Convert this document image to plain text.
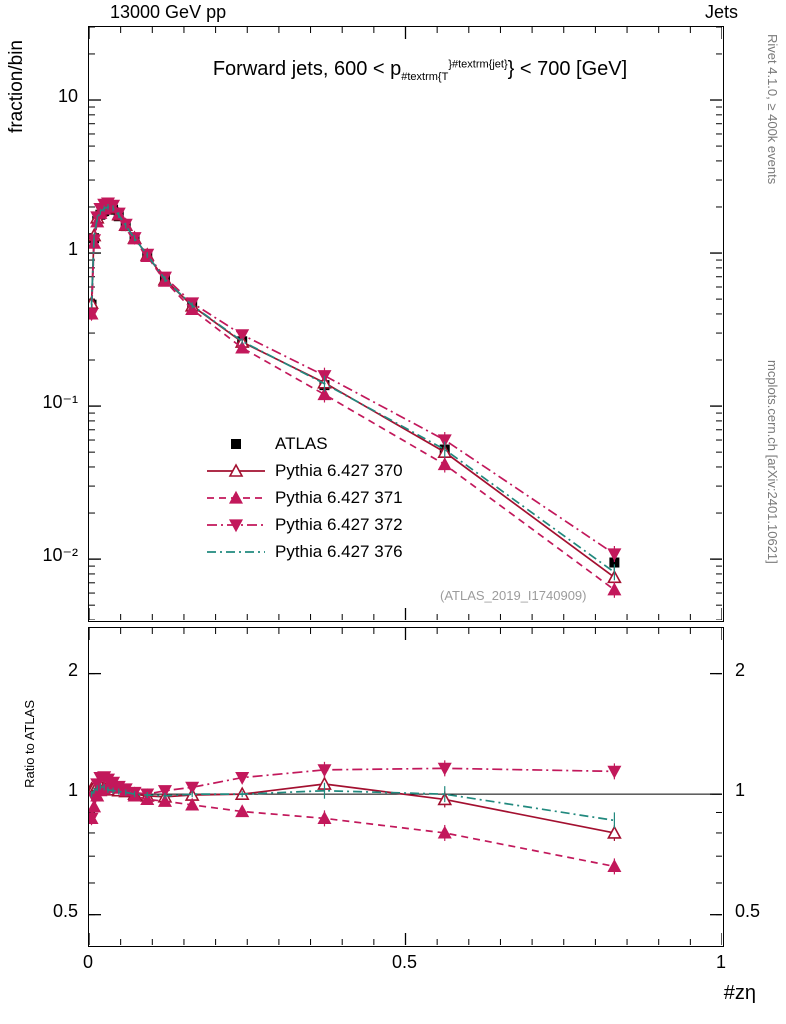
13000 GeV pp	Jets
Rivet 4.1.0, ≥ 400k events
mcplots.cern.ch [arXiv:2401.10621]
fraction/bin
Ratio to ATLAS
Forward jets, $600 < p_{\#textrm\{T}^{\}\#textrm\{jet\}}\} < 700$ [GeV]
(ATLAS_2019_I1740909)
ATLAS
Pythia 6.427 370
Pythia 6.427 371
Pythia 6.427 372
Pythia 6.427 376
#zη
10⁻²
10⁻¹
1
10
0.5	0.5
1	1
2	2
0	0.5	1
